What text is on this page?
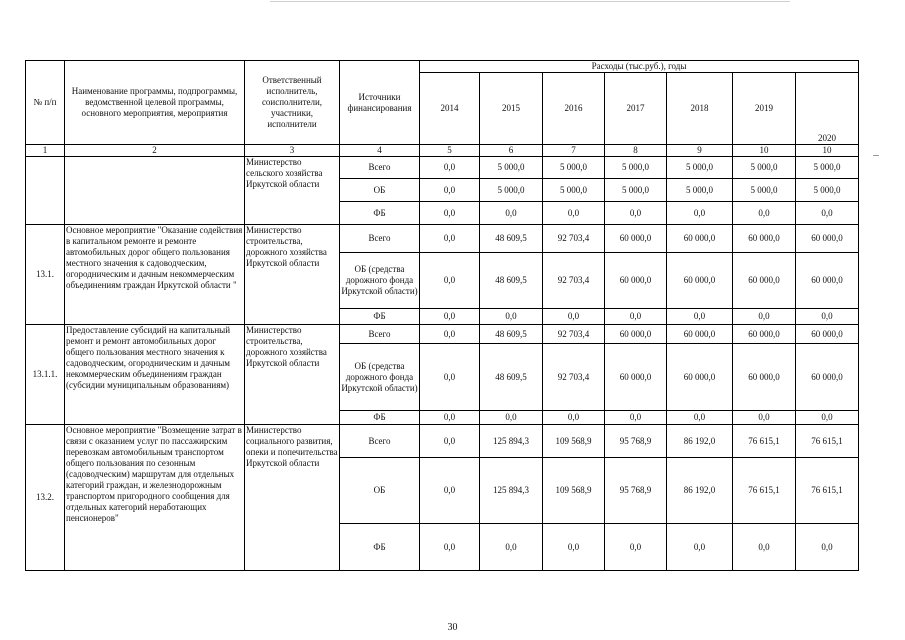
№ п/п	Наименование программы, подпрограммы, ведомственной целевой программы, основного мероприятия, мероприятия	Ответственный исполнитель, соисполнители, участники, исполнители	Источники финансирования	Расходы (тыс.руб.), годы						
				2014	2015	2016	2017	2018	2019	2020
1	2	3	4	5	6	7	8	9	10	10
		Министерство сельского хозяйства Иркутской области	Всего	0,0	5 000,0	5 000,0	5 000,0	5 000,0	5 000,0	5 000,0
			ОБ	0,0	5 000,0	5 000,0	5 000,0	5 000,0	5 000,0	5 000,0
			ФБ	0,0	0,0	0,0	0,0	0,0	0,0	0,0
13.1.	Основное мероприятие "Оказание содействия в капитальном ремонте и ремонте автомобильных дорог общего пользования местного значения к садоводческим, огородническим и дачным некоммерческим объединениям граждан Иркутской области "	Министерство строительства, дорожного хозяйства Иркутской области	Всего	0,0	48 609,5	92 703,4	60 000,0	60 000,0	60 000,0	60 000,0
			ОБ (средства дорожного фонда Иркутской области)	0,0	48 609,5	92 703,4	60 000,0	60 000,0	60 000,0	60 000,0
			ФБ	0,0	0,0	0,0	0,0	0,0	0,0	0,0
13.1.1.	Предоставление субсидий на капитальный ремонт и ремонт автомобильных дорог общего пользования местного значения к садоводческим, огородническим и дачным некоммерческим объединениям граждан (субсидии муниципальным образованиям)	Министерство строительства, дорожного хозяйства Иркутской области	Всего	0,0	48 609,5	92 703,4	60 000,0	60 000,0	60 000,0	60 000,0
			ОБ (средства дорожного фонда Иркутской области)	0,0	48 609,5	92 703,4	60 000,0	60 000,0	60 000,0	60 000,0
			ФБ	0,0	0,0	0,0	0,0	0,0	0,0	0,0
13.2.	Основное мероприятие "Возмещение затрат в связи с оказанием услуг по пассажирским перевозкам автомобильным транспортом общего пользования по сезонным (садоводческим) маршрутам для отдельных категорий граждан, и железнодорожным транспортом пригородного сообщения для отдельных категорий неработающих пенсионеров"	Министерство социального развития, опеки и попечительства Иркутской области	Всего	0,0	125 894,3	109 568,9	95 768,9	86 192,0	76 615,1	76 615,1
			ОБ	0,0	125 894,3	109 568,9	95 768,9	86 192,0	76 615,1	76 615,1
			ФБ	0,0	0,0	0,0	0,0	0,0	0,0	0,0
30
